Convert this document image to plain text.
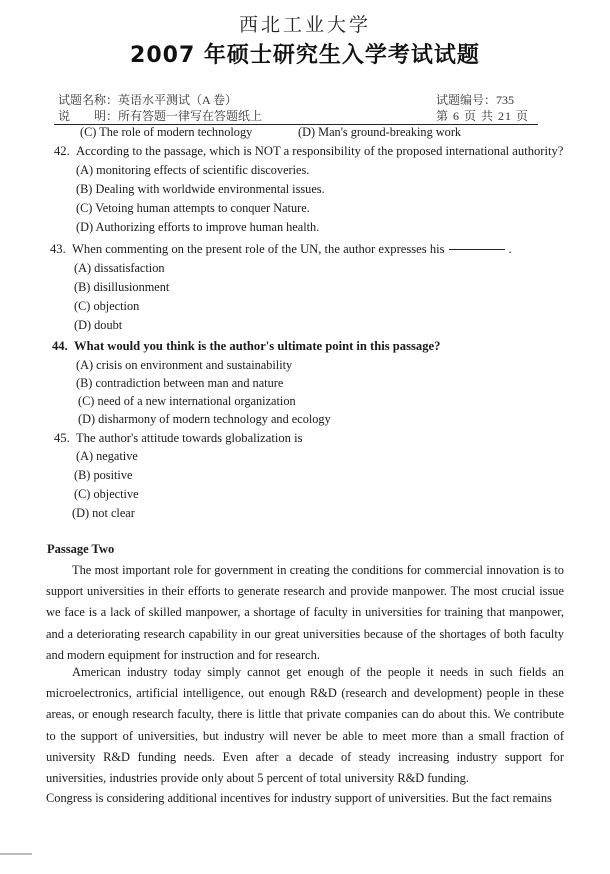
西北工业大学
2007 年硕士研究生入学考试试题
试题名称：英语水平测试（A 卷）
说　　明：所有答题一律写在答题纸上
试题编号：735
第 6 页 共 21 页
(C) The role of modern technology	(D) Man's ground-breaking work
42. According to the passage, which is NOT a responsibility of the proposed international authority?
(A) monitoring effects of scientific discoveries.
(B) Dealing with worldwide environmental issues.
(C) Vetoing human attempts to conquer Nature.
(D) Authorizing efforts to improve human health.
43. When commenting on the present role of the UN, the author expresses his	.
(A) dissatisfaction
(B) disillusionment
(C) objection
(D) doubt
44. What would you think is the author's ultimate point in this passage?
(A) crisis on environment and sustainability
(B) contradiction between man and nature
(C) need of a new international organization
(D) disharmony of modern technology and ecology
45. The author's attitude towards globalization is
(A) negative
(B) positive
(C) objective
(D) not clear
Passage Two
The most important role for government in creating the conditions for commercial innovation is to support universities in their efforts to generate research and provide manpower. The most crucial issue we face is a lack of skilled manpower, a shortage of faculty in universities for training that manpower, and a deteriorating research capability in our great universities because of the shortages of both faculty and modern equipment for instruction and for research.
American industry today simply cannot get enough of the people it needs in such fields an microelectronics, artificial intelligence, out enough R&D (research and development) people in these areas, or enough research faculty, there is little that private companies can do about this. We contribute to the support of universities, but industry will never be able to meet more than a small fraction of university R&D funding needs. Even after a decade of steady increasing industry support for universities, industries provide only about 5 percent of total university R&D funding.
Congress is considering additional incentives for industry support of universities. But the fact remains
